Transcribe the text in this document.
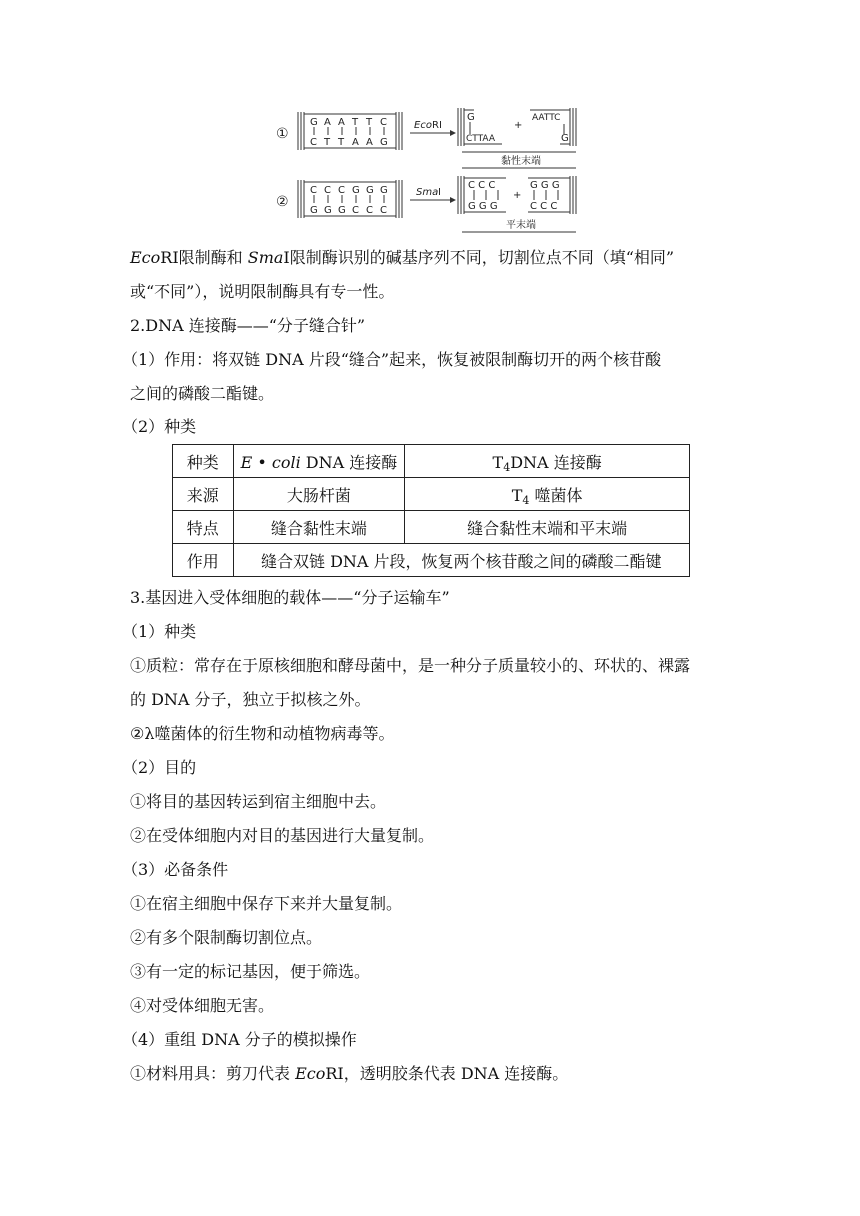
①
G A A T T C
C T T A A G
Eco RⅠ
G
CTTAA
AATTC
G
+
黏性末端
②
C C C G G G
G G G C C C
Sma Ⅰ
C C C
G G G
G G G
C C C
+
平末端
EcoRⅠ限制酶和 SmaⅠ限制酶识别的碱基序列不同，切割位点不同（填“相同”
或“不同”），说明限制酶具有专一性。
2.DNA 连接酶——“分子缝合针”
（1）作用：将双链 DNA 片段“缝合”起来，恢复被限制酶切开的两个核苷酸
之间的磷酸二酯键。
（2）种类
种类	E • coli DNA 连接酶	$T_4DNA$ 连接酶
来源	大肠杆菌	$T_4$ 噬菌体
特点	缝合黏性末端	缝合黏性末端和平末端
作用	缝合双链 DNA 片段，恢复两个核苷酸之间的磷酸二酯键	
3.基因进入受体细胞的载体——“分子运输车”
（1）种类
①质粒：常存在于原核细胞和酵母菌中，是一种分子质量较小的、环状的、裸露
的 DNA 分子，独立于拟核之外。
②λ噬菌体的衍生物和动植物病毒等。
（2）目的
①将目的基因转运到宿主细胞中去。
②在受体细胞内对目的基因进行大量复制。
（3）必备条件
①在宿主细胞中保存下来并大量复制。
②有多个限制酶切割位点。
③有一定的标记基因，便于筛选。
④对受体细胞无害。
（4）重组 DNA 分子的模拟操作
①材料用具：剪刀代表 EcoRⅠ，透明胶条代表 DNA 连接酶。
